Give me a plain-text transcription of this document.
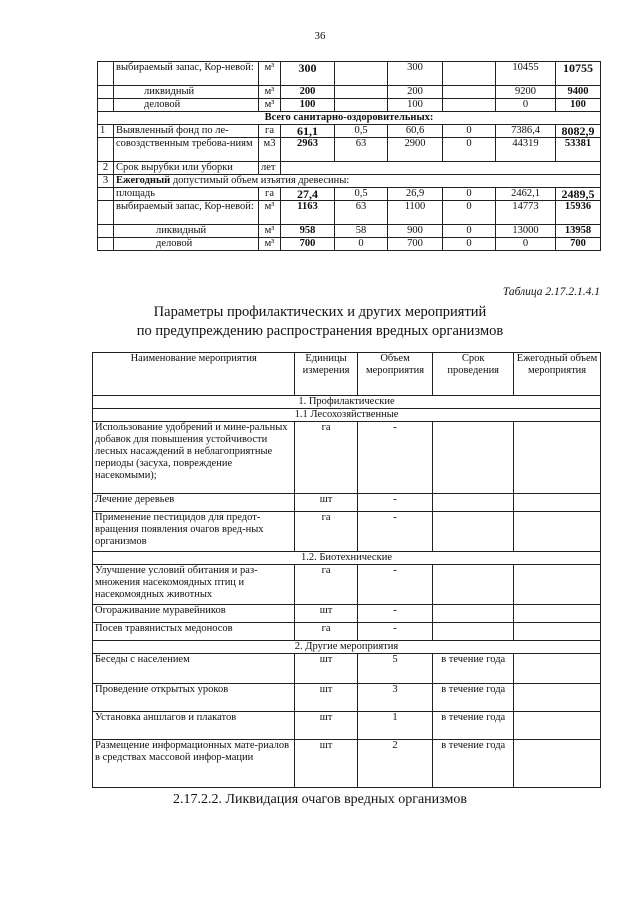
36
	выбираемый запас, Кор-невой:	м³	300		300		10455	10755
	ликвидный	м³	200		200		9200	9400
	деловой	м³	100		100		0	100
Всего санитарно-оздоровительных:								
1	Выявленный фонд по ле-	га	61,1	0,5	60,6	0	7386,4	8082,9
	совоздственным требова-ниям	м3	2963	63	2900	0	44319	53381
2	Срок вырубки или уборки	лет						
3	Ежегодный допустимый объем изъятия древесины:							
	площадь	га	27,4	0,5	26,9	0	2462,1	2489,5
	выбираемый запас, Кор-невой:	м³	1163	63	1100	0	14773	15936
	ликвидный	м³	958	58	900	0	13000	13958
	деловой	м³	700	0	700	0	0	700
Таблица 2.17.2.1.4.1
Параметры профилактических и других мероприятий
по предупреждению распространения вредных организмов
Наименование мероприятия	Единицы измерения	Объем мероприятия	Срок проведения	Ежегодный объем мероприятия
1. Профилактические				
1.1 Лесохозяйственные				
Использование удобрений и мине-ральных добавок для повышения устойчивости лесных насаждений в неблагоприятные периоды (засуха, повреждение насекомыми);	га	-		
Лечение деревьев	шт	-		
Применение пестицидов для предот-вращения появления очагов вред-ных организмов	га	-		
1.2. Биотехнические				
Улучшение условий обитания и раз-множения насекомоядных птиц и насекомоядных животных	га	-		
Огораживание муравейников	шт	-		
Посев травянистых медоносов	га	-		
2. Другие мероприятия				
Беседы с населением	шт	5	в течение года	
Проведение открытых уроков	шт	3	в течение года	
Установка аншлагов и плакатов	шт	1	в течение года	
Размещение информационных мате-риалов в средствах массовой инфор-мации	шт	2	в течение года	
2.17.2.2. Ликвидация очагов вредных организмов
